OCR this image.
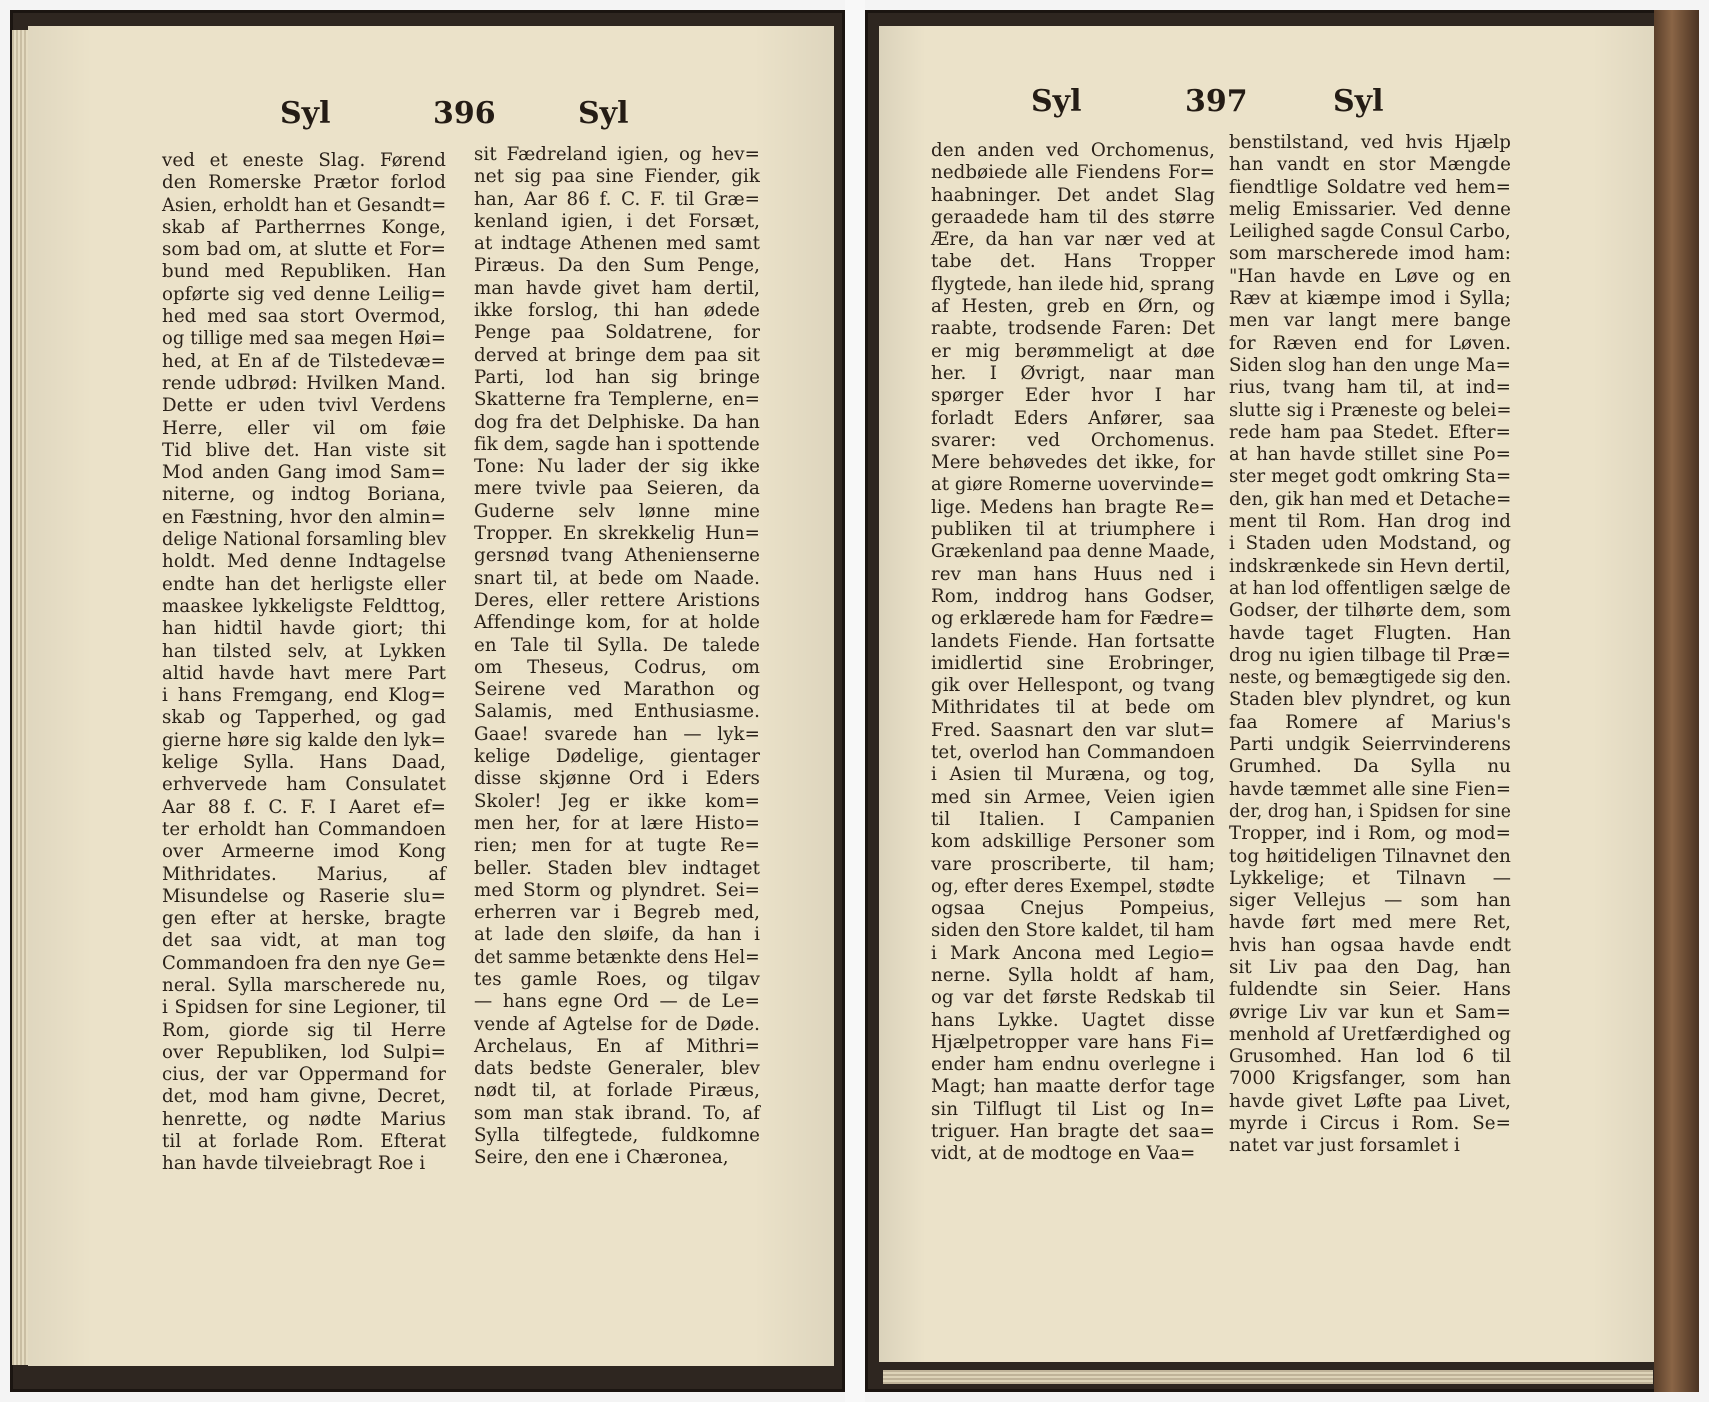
Syl	396	Syl
ved et eneste Slag. Førend
den Romerske Prætor forlod
Asien, erholdt han et Gesandt=
skab af Partherrnes Konge,
som bad om, at slutte et For=
bund med Republiken. Han
opførte sig ved denne Leilig=
hed med saa stort Overmod,
og tillige med saa megen Høi=
hed, at En af de Tilstedevæ=
rende udbrød: Hvilken Mand.
Dette er uden tvivl Verdens
Herre, eller vil om føie
Tid blive det. Han viste sit
Mod anden Gang imod Sam=
niterne, og indtog Boriana,
en Fæstning, hvor den almin=
delige National forsamling blev
holdt. Med denne Indtagelse
endte han det herligste eller
maaskee lykkeligste Feldttog,
han hidtil havde giort; thi
han tilsted selv, at Lykken
altid havde havt mere Part
i hans Fremgang, end Klog=
skab og Tapperhed, og gad
gierne høre sig kalde den lyk=
kelige Sylla. Hans Daad,
erhvervede ham Consulatet
Aar 88 f. C. F. I Aaret ef=
ter erholdt han Commandoen
over Armeerne imod Kong
Mithridates. Marius, af
Misundelse og Raserie slu=
gen efter at herske, bragte
det saa vidt, at man tog
Commandoen fra den nye Ge=
neral. Sylla marscherede nu,
i Spidsen for sine Legioner, til
Rom, giorde sig til Herre
over Republiken, lod Sulpi=
cius, der var Oppermand for
det, mod ham givne, Decret,
henrette, og nødte Marius
til at forlade Rom. Efterat
han havde tilveiebragt Roe i
sit Fædreland igien, og hev=
net sig paa sine Fiender, gik
han, Aar 86 f. C. F. til Græ=
kenland igien, i det Forsæt,
at indtage Athenen med samt
Piræus. Da den Sum Penge,
man havde givet ham dertil,
ikke forslog, thi han ødede
Penge paa Soldatrene, for
derved at bringe dem paa sit
Parti, lod han sig bringe
Skatterne fra Templerne, en=
dog fra det Delphiske. Da han
fik dem, sagde han i spottende
Tone: Nu lader der sig ikke
mere tvivle paa Seieren, da
Guderne selv lønne mine
Tropper. En skrekkelig Hun=
gersnød tvang Athenienserne
snart til, at bede om Naade.
Deres, eller rettere Aristions
Affendinge kom, for at holde
en Tale til Sylla. De talede
om Theseus, Codrus, om
Seirene ved Marathon og
Salamis, med Enthusiasme.
Gaae! svarede han — lyk=
kelige Dødelige, gientager
disse skjønne Ord i Eders
Skoler! Jeg er ikke kom=
men her, for at lære Histo=
rien; men for at tugte Re=
beller. Staden blev indtaget
med Storm og plyndret. Sei=
erherren var i Begreb med,
at lade den sløife, da han i
det samme betænkte dens Hel=
tes gamle Roes, og tilgav
— hans egne Ord — de Le=
vende af Agtelse for de Døde.
Archelaus, En af Mithri=
dats bedste Generaler, blev
nødt til, at forlade Piræus,
som man stak ibrand. To, af
Sylla tilfegtede, fuldkomne
Seire, den ene i Chæronea,
Syl	397	Syl
den anden ved Orchomenus,
nedbøiede alle Fiendens For=
haabninger. Det andet Slag
geraadede ham til des større
Ære, da han var nær ved at
tabe det. Hans Tropper
flygtede, han ilede hid, sprang
af Hesten, greb en Ørn, og
raabte, trodsende Faren: Det
er mig berømmeligt at døe
her. I Øvrigt, naar man
spørger Eder hvor I har
forladt Eders Anfører, saa
svarer: ved Orchomenus.
Mere behøvedes det ikke, for
at giøre Romerne uovervinde=
lige. Medens han bragte Re=
publiken til at triumphere i
Grækenland paa denne Maade,
rev man hans Huus ned i
Rom, inddrog hans Godser,
og erklærede ham for Fædre=
landets Fiende. Han fortsatte
imidlertid sine Erobringer,
gik over Hellespont, og tvang
Mithridates til at bede om
Fred. Saasnart den var slut=
tet, overlod han Commandoen
i Asien til Muræna, og tog,
med sin Armee, Veien igien
til Italien. I Campanien
kom adskillige Personer som
vare proscriberte, til ham;
og, efter deres Exempel, stødte
ogsaa Cnejus Pompeius,
siden den Store kaldet, til ham
i Mark Ancona med Legio=
nerne. Sylla holdt af ham,
og var det første Redskab til
hans Lykke. Uagtet disse
Hjælpetropper vare hans Fi=
ender ham endnu overlegne i
Magt; han maatte derfor tage
sin Tilflugt til List og In=
triguer. Han bragte det saa=
vidt, at de modtoge en Vaa=
benstilstand, ved hvis Hjælp
han vandt en stor Mængde
fiendtlige Soldatre ved hem=
melig Emissarier. Ved denne
Leilighed sagde Consul Carbo,
som marscherede imod ham:
"Han havde en Løve og en
Ræv at kiæmpe imod i Sylla;
men var langt mere bange
for Ræven end for Løven.
Siden slog han den unge Ma=
rius, tvang ham til, at ind=
slutte sig i Præneste og belei=
rede ham paa Stedet. Efter=
at han havde stillet sine Po=
ster meget godt omkring Sta=
den, gik han med et Detache=
ment til Rom. Han drog ind
i Staden uden Modstand, og
indskrænkede sin Hevn dertil,
at han lod offentligen sælge de
Godser, der tilhørte dem, som
havde taget Flugten. Han
drog nu igien tilbage til Præ=
neste, og bemægtigede sig den.
Staden blev plyndret, og kun
faa Romere af Marius's
Parti undgik Seierrvinderens
Grumhed. Da Sylla nu
havde tæmmet alle sine Fien=
der, drog han, i Spidsen for sine
Tropper, ind i Rom, og mod=
tog høitideligen Tilnavnet den
Lykkelige; et Tilnavn —
siger Vellejus — som han
havde ført med mere Ret,
hvis han ogsaa havde endt
sit Liv paa den Dag, han
fuldendte sin Seier. Hans
øvrige Liv var kun et Sam=
menhold af Uretfærdighed og
Grusomhed. Han lod 6 til
7000 Krigsfanger, som han
havde givet Løfte paa Livet,
myrde i Circus i Rom. Se=
natet var just forsamlet i
